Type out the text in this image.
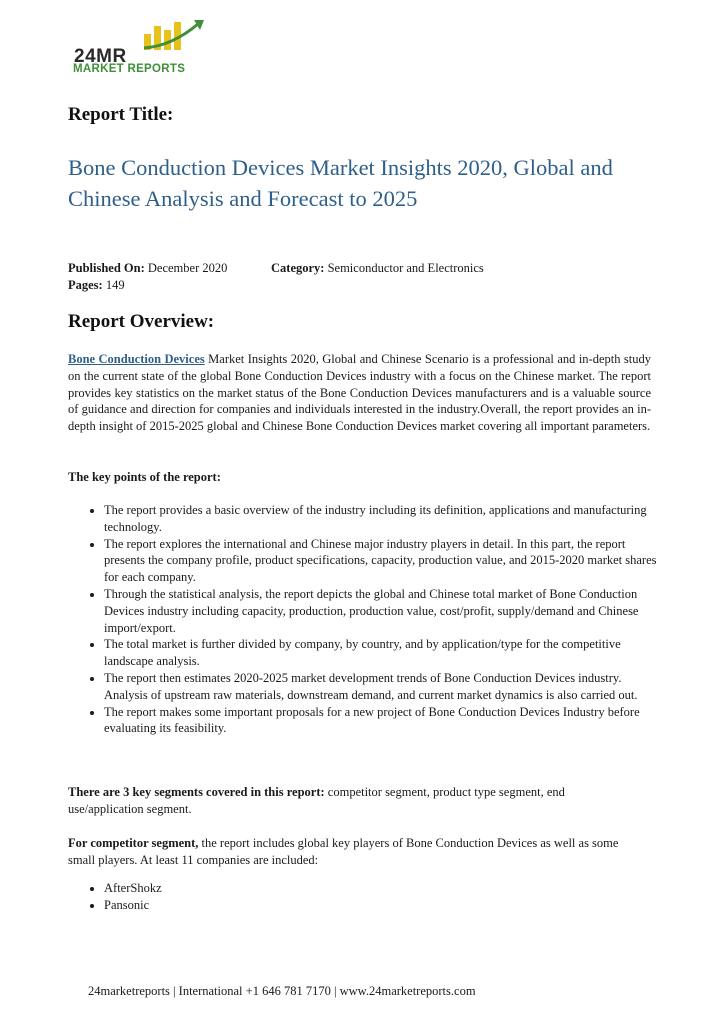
24MR
MARKET REPORTS
Report Title:
Bone Conduction Devices Market Insights 2020, Global and Chinese Analysis and Forecast to 2025
Published On: December 2020	Category: Semiconductor and Electronics
Pages: 149
Report Overview:
Bone Conduction Devices Market Insights 2020, Global and Chinese Scenario is a professional and in-depth study on the current state of the global Bone Conduction Devices industry with a focus on the Chinese market. The report provides key statistics on the market status of the Bone Conduction Devices manufacturers and is a valuable source of guidance and direction for companies and individuals interested in the industry.Overall, the report provides an in-depth insight of 2015-2025 global and Chinese Bone Conduction Devices market covering all important parameters.
The key points of the report:
• The report provides a basic overview of the industry including its definition, applications and manufacturing technology.
• The report explores the international and Chinese major industry players in detail. In this part, the report presents the company profile, product specifications, capacity, production value, and 2015-2020 market shares for each company.
• Through the statistical analysis, the report depicts the global and Chinese total market of Bone Conduction Devices industry including capacity, production, production value, cost/profit, supply/demand and Chinese import/export.
• The total market is further divided by company, by country, and by application/type for the competitive landscape analysis.
• The report then estimates 2020-2025 market development trends of Bone Conduction Devices industry. Analysis of upstream raw materials, downstream demand, and current market dynamics is also carried out.
• The report makes some important proposals for a new project of Bone Conduction Devices Industry before evaluating its feasibility.
There are 3 key segments covered in this report: competitor segment, product type segment, end use/application segment.
For competitor segment, the report includes global key players of Bone Conduction Devices as well as some small players. At least 11 companies are included:
• AfterShokz
• Pansonic
24marketreports | International +1 646 781 7170 | www.24marketreports.com
